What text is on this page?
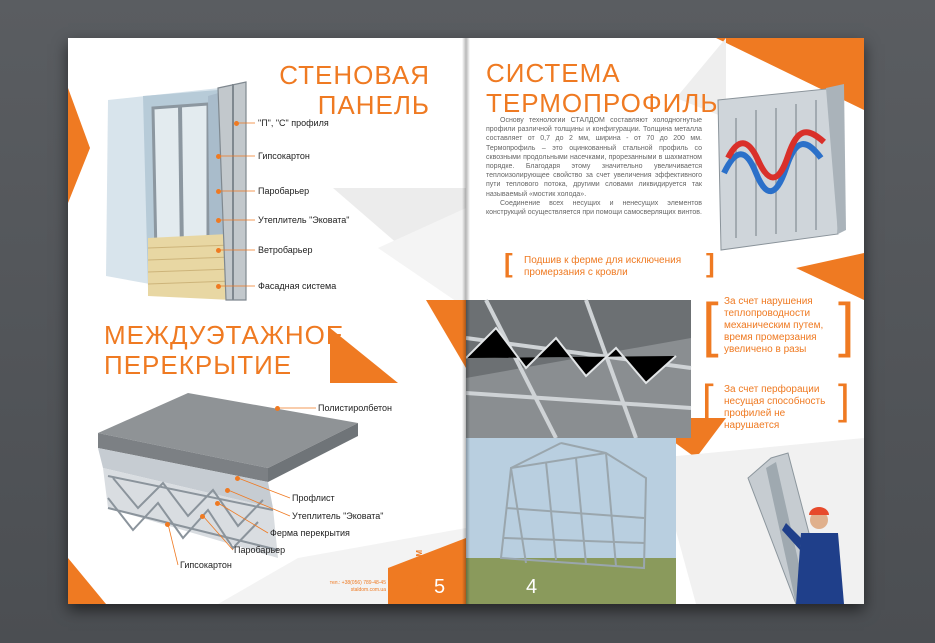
СТЕНОВАЯ
ПАНЕЛЬ
"П", "С" профиля
Гипсокартон
Паробарьер
Утеплитель "Эковата"
Ветробарьер
Фасадная система
МЕЖДУЭТАЖНОЕ
ПЕРЕКРЫТИЕ
Полистиролбетон
Профлист
Утеплитель "Эковата"
Ферма перекрытия
Паробарьер
Гипсокартон
тел.: +38(056) 789-48-45
staldom.com.ua	СТАЛДОМ 5
СИСТЕМА
ТЕРМОПРОФИЛЬ

Основу технологии СТАЛДОМ составляют холодногнутые профили различной толщины и конфигурации. Толщина металла составляет от 0,7 до 2 мм, ширина - от 70 до 200 мм. Термопрофиль – это оцинкованный стальной профиль со сквозными продольными насечками, прорезанными в шахматном порядке. Благодаря этому значительно увеличивается теплоизолирующее свойство за счет увеличения эффективного пути теплового потока, другими словами ликвидируется так называемый «мостик холода».

Соединение всех несущих и ненесущих элементов конструкций осуществляется при помощи самосверлящих винтов.

[ Подшив к ферме для исключения промерзания с кровли	]
[ За счет нарушения теплопроводности механическим путем, время промерзания увеличено в разы ]
[ За счет перфорации несущая способность профилей не нарушается
]
4
